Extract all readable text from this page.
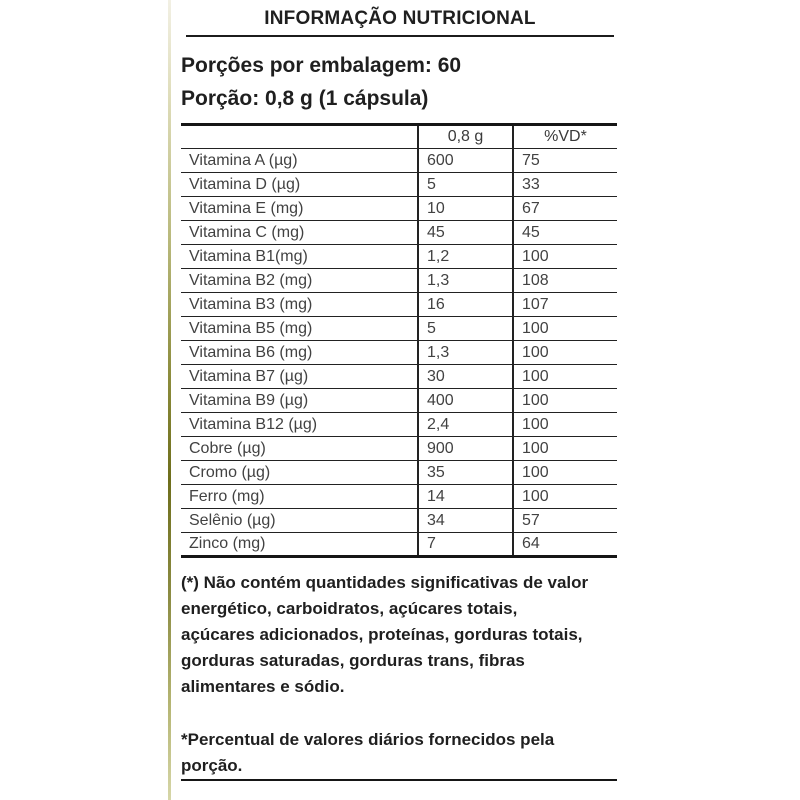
INFORMAÇÃO NUTRICIONAL
Porções por embalagem: 60
Porção: 0,8 g (1 cápsula)
	0,8 g	%VD*
Vitamina A (µg)	600	75
Vitamina D (µg)	5	33
Vitamina E (mg)	10	67
Vitamina C (mg)	45	45
Vitamina B1(mg)	1,2	100
Vitamina B2 (mg)	1,3	108
Vitamina B3 (mg)	16	107
Vitamina B5 (mg)	5	100
Vitamina B6 (mg)	1,3	100
Vitamina B7 (µg)	30	100
Vitamina B9 (µg)	400	100
Vitamina B12 (µg)	2,4	100
Cobre (µg)	900	100
Cromo (µg)	35	100
Ferro (mg)	14	100
Selênio (µg)	34	57
Zinco (mg)	7	64
(*) Não contém quantidades significativas de valor
energético, carboidratos, açúcares totais,
açúcares adicionados, proteínas, gorduras totais,
gorduras saturadas, gorduras trans, fibras
alimentares e sódio.
*Percentual de valores diários fornecidos pela
porção.
